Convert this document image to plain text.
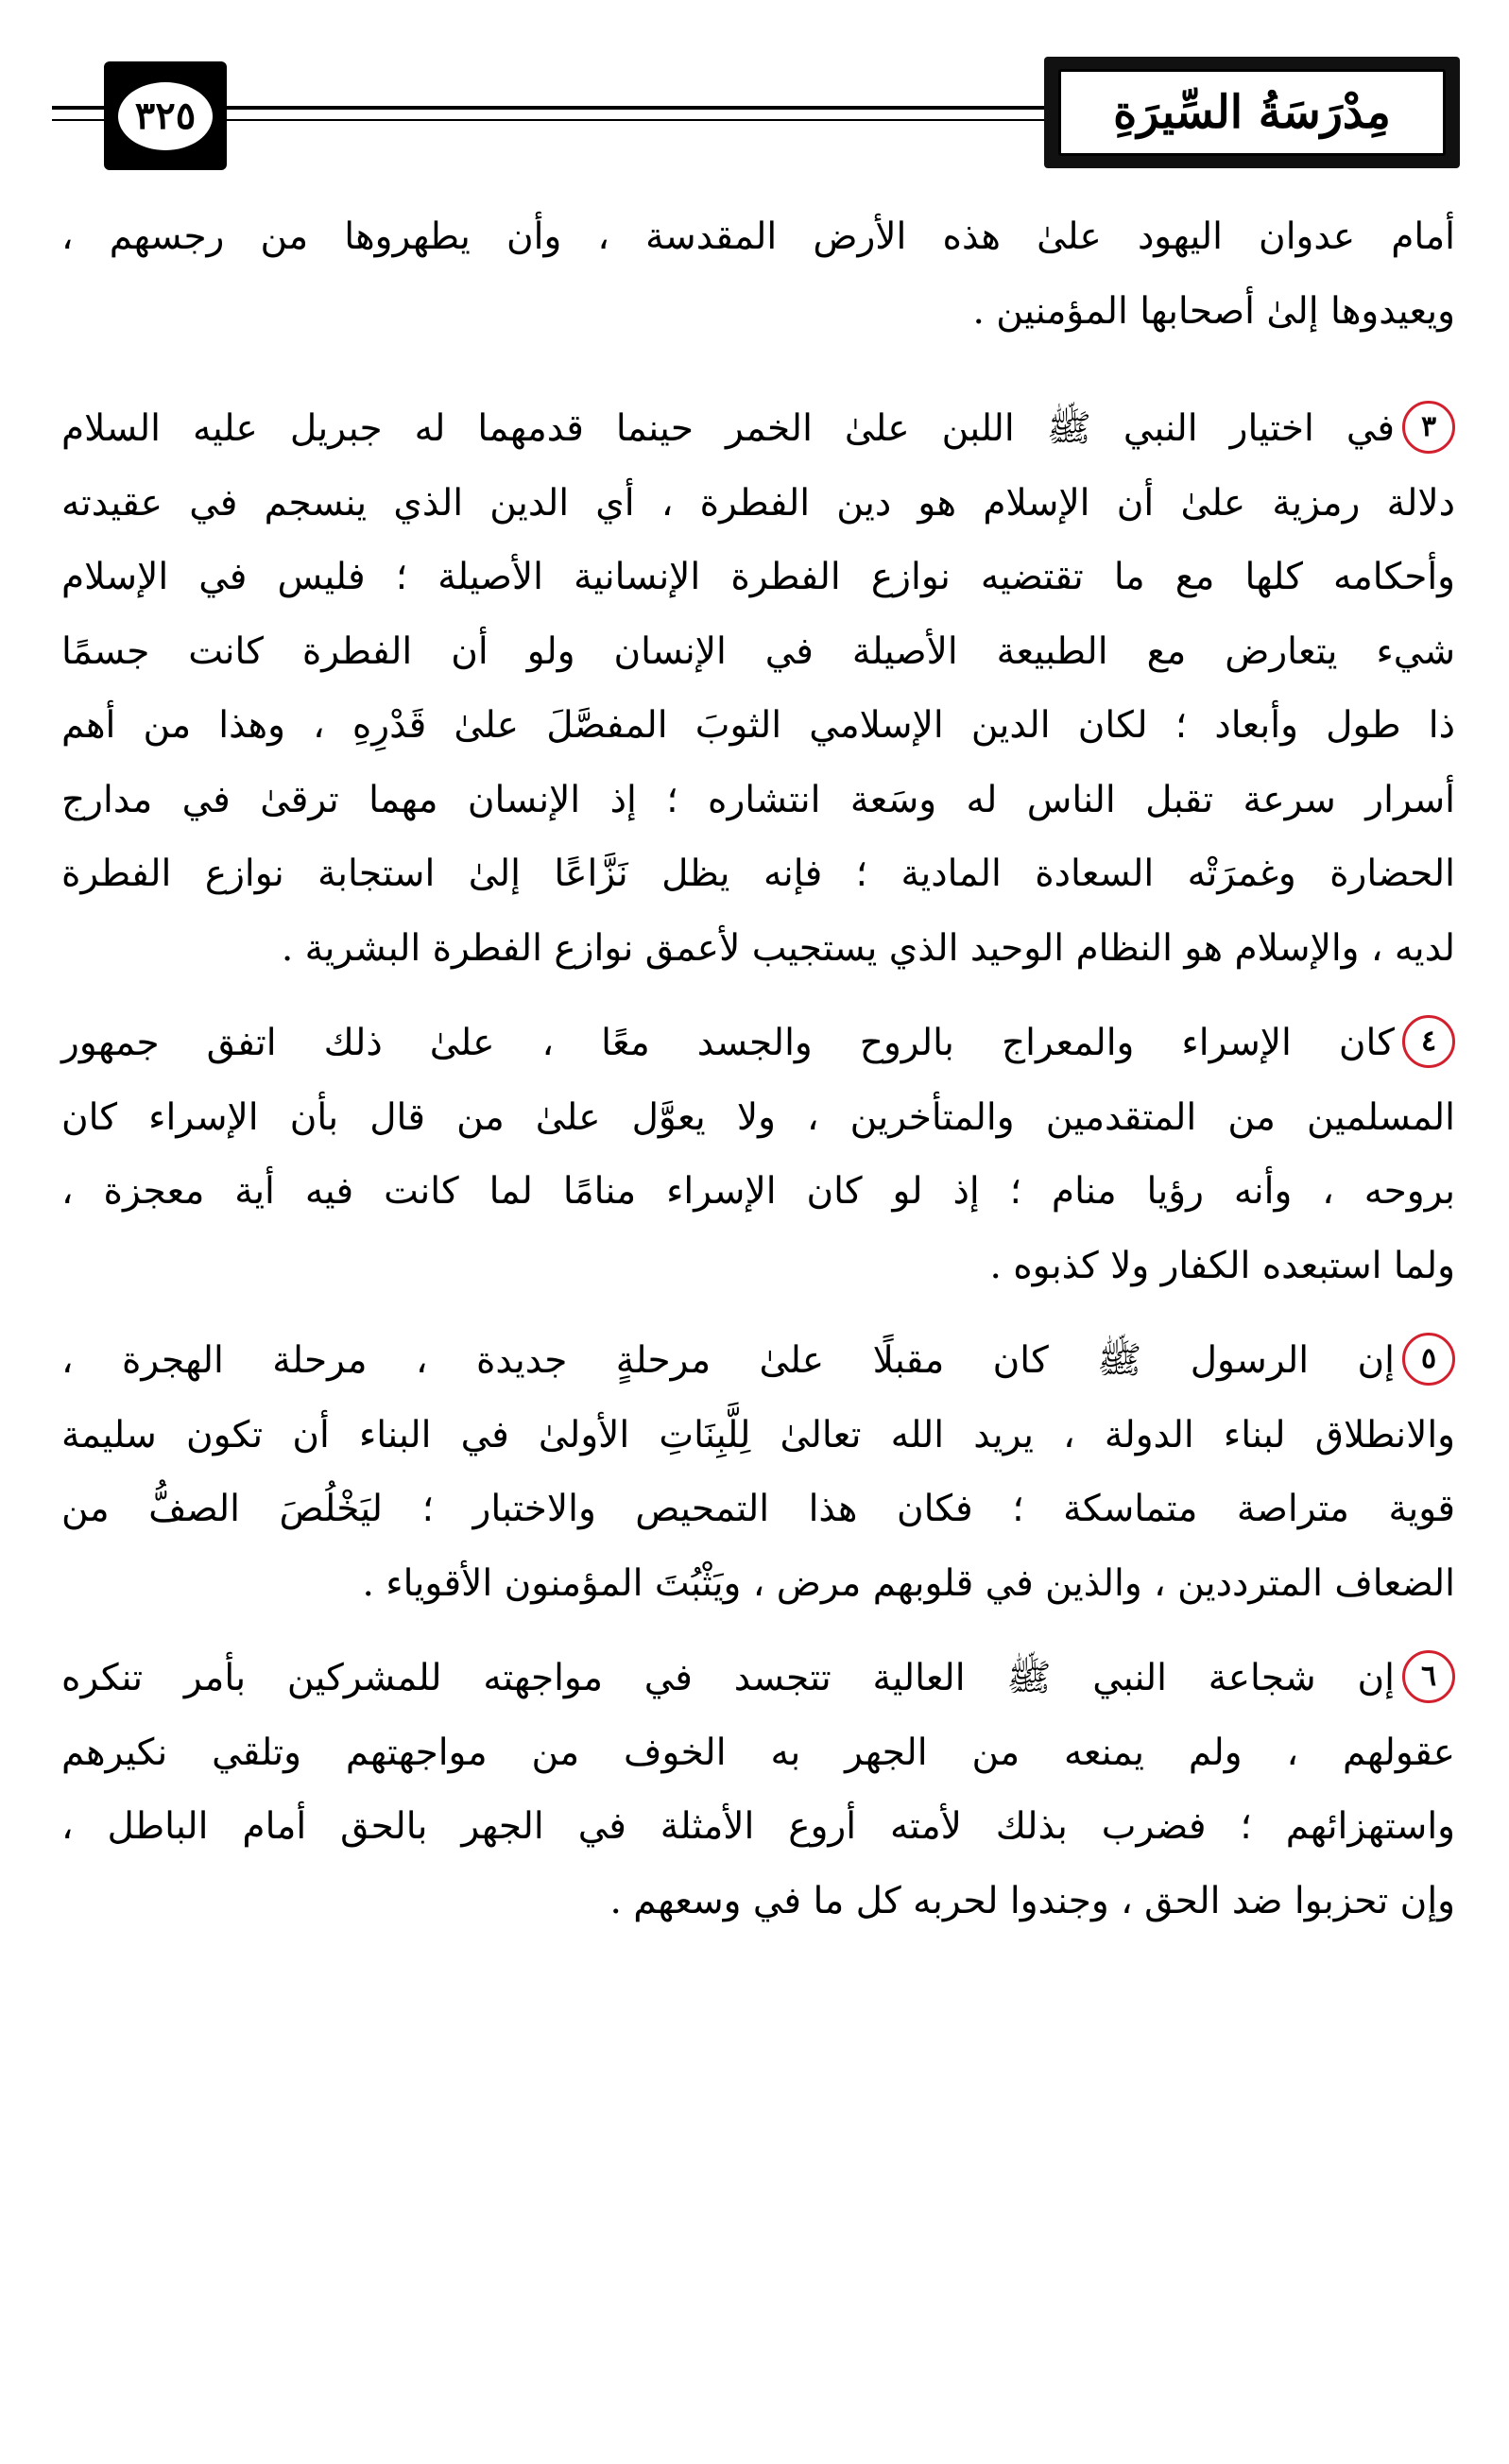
٣٢٥	مِدْرَسَةُ السِّيرَةِ
أمام عدوان اليهود علىٰ هذه الأرض المقدسة ، وأن يطهروها من رجسهم ،
ويعيدوها إلىٰ أصحابها المؤمنين .
٣في اختيار النبي ﷺ اللبن علىٰ الخمر حينما قدمهما له جبريل عليه السلام
دلالة رمزية علىٰ أن الإسلام هو دين الفطرة ، أي الدين الذي ينسجم في عقيدته
وأحكامه كلها مع ما تقتضيه نوازع الفطرة الإنسانية الأصيلة ؛ فليس في الإسلام
شيء يتعارض مع الطبيعة الأصيلة في الإنسان ولو أن الفطرة كانت جسمًا
ذا طول وأبعاد ؛ لكان الدين الإسلامي الثوبَ المفصَّلَ علىٰ قَدْرِهِ ، وهذا من أهم
أسرار سرعة تقبل الناس له وسَعة انتشاره ؛ إذ الإنسان مهما ترقىٰ في مدارج
الحضارة وغمرَتْه السعادة المادية ؛ فإنه يظل نَزَّاعًا إلىٰ استجابة نوازع الفطرة
لديه ، والإسلام هو النظام الوحيد الذي يستجيب لأعمق نوازع الفطرة البشرية .
٤كان الإسراء والمعراج بالروح والجسد معًا ، علىٰ ذلك اتفق جمهور
المسلمين من المتقدمين والمتأخرين ، ولا يعوَّل علىٰ من قال بأن الإسراء كان
بروحه ، وأنه رؤيا منام ؛ إذ لو كان الإسراء منامًا لما كانت فيه أية معجزة ،
ولما استبعده الكفار ولا كذبوه .
٥إن الرسول ﷺ كان مقبلًا علىٰ مرحلةٍ جديدة ، مرحلة الهجرة ،
والانطلاق لبناء الدولة ، يريد الله تعالىٰ لِلَّبِنَاتِ الأولىٰ في البناء أن تكون سليمة
قوية متراصة متماسكة ؛ فكان هذا التمحيص والاختبار ؛ ليَخْلُصَ الصفُّ من
الضعاف المترددين ، والذين في قلوبهم مرض ، ويَثْبُتَ المؤمنون الأقوياء .
٦إن شجاعة النبي ﷺ العالية تتجسد في مواجهته للمشركين بأمر تنكره
عقولهم ، ولم يمنعه من الجهر به الخوف من مواجهتهم وتلقي نكيرهم
واستهزائهم ؛ فضرب بذلك لأمته أروع الأمثلة في الجهر بالحق أمام الباطل ،
وإن تحزبوا ضد الحق ، وجندوا لحربه كل ما في وسعهم .
